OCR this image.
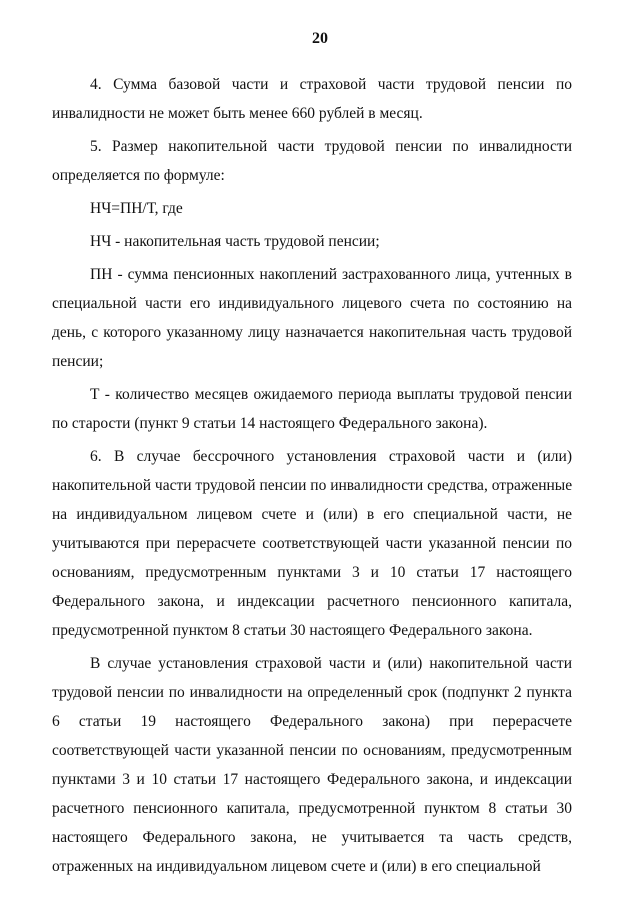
20
4. Сумма базовой части и страховой части трудовой пенсии по
инвалидности не может быть менее 660 рублей в месяц.
5. Размер накопительной части трудовой пенсии по инвалидности
определяется по формуле:
НЧ=ПН/Т, где
НЧ - накопительная часть трудовой пенсии;
ПН - сумма пенсионных накоплений застрахованного лица, учтенных в
специальной части его индивидуального лицевого счета по состоянию на
день, с которого указанному лицу назначается накопительная часть трудовой
пенсии;
Т - количество месяцев ожидаемого периода выплаты трудовой пенсии
по старости (пункт 9 статьи 14 настоящего Федерального закона).
6. В случае бессрочного установления страховой части и (или)
накопительной части трудовой пенсии по инвалидности средства, отраженные
на индивидуальном лицевом счете и (или) в его специальной части, не
учитываются при перерасчете соответствующей части указанной пенсии по
основаниям, предусмотренным пунктами 3 и 10 статьи 17 настоящего
Федерального закона, и индексации расчетного пенсионного капитала,
предусмотренной пунктом 8 статьи 30 настоящего Федерального закона.
В случае установления страховой части и (или) накопительной части
трудовой пенсии по инвалидности на определенный срок (подпункт 2 пункта
6 статьи 19 настоящего Федерального закона) при перерасчете
соответствующей части указанной пенсии по основаниям, предусмотренным
пунктами 3 и 10 статьи 17 настоящего Федерального закона, и индексации
расчетного пенсионного капитала, предусмотренной пунктом 8 статьи 30
настоящего Федерального закона, не учитывается та часть средств,
отраженных на индивидуальном лицевом счете и (или) в его специальной
